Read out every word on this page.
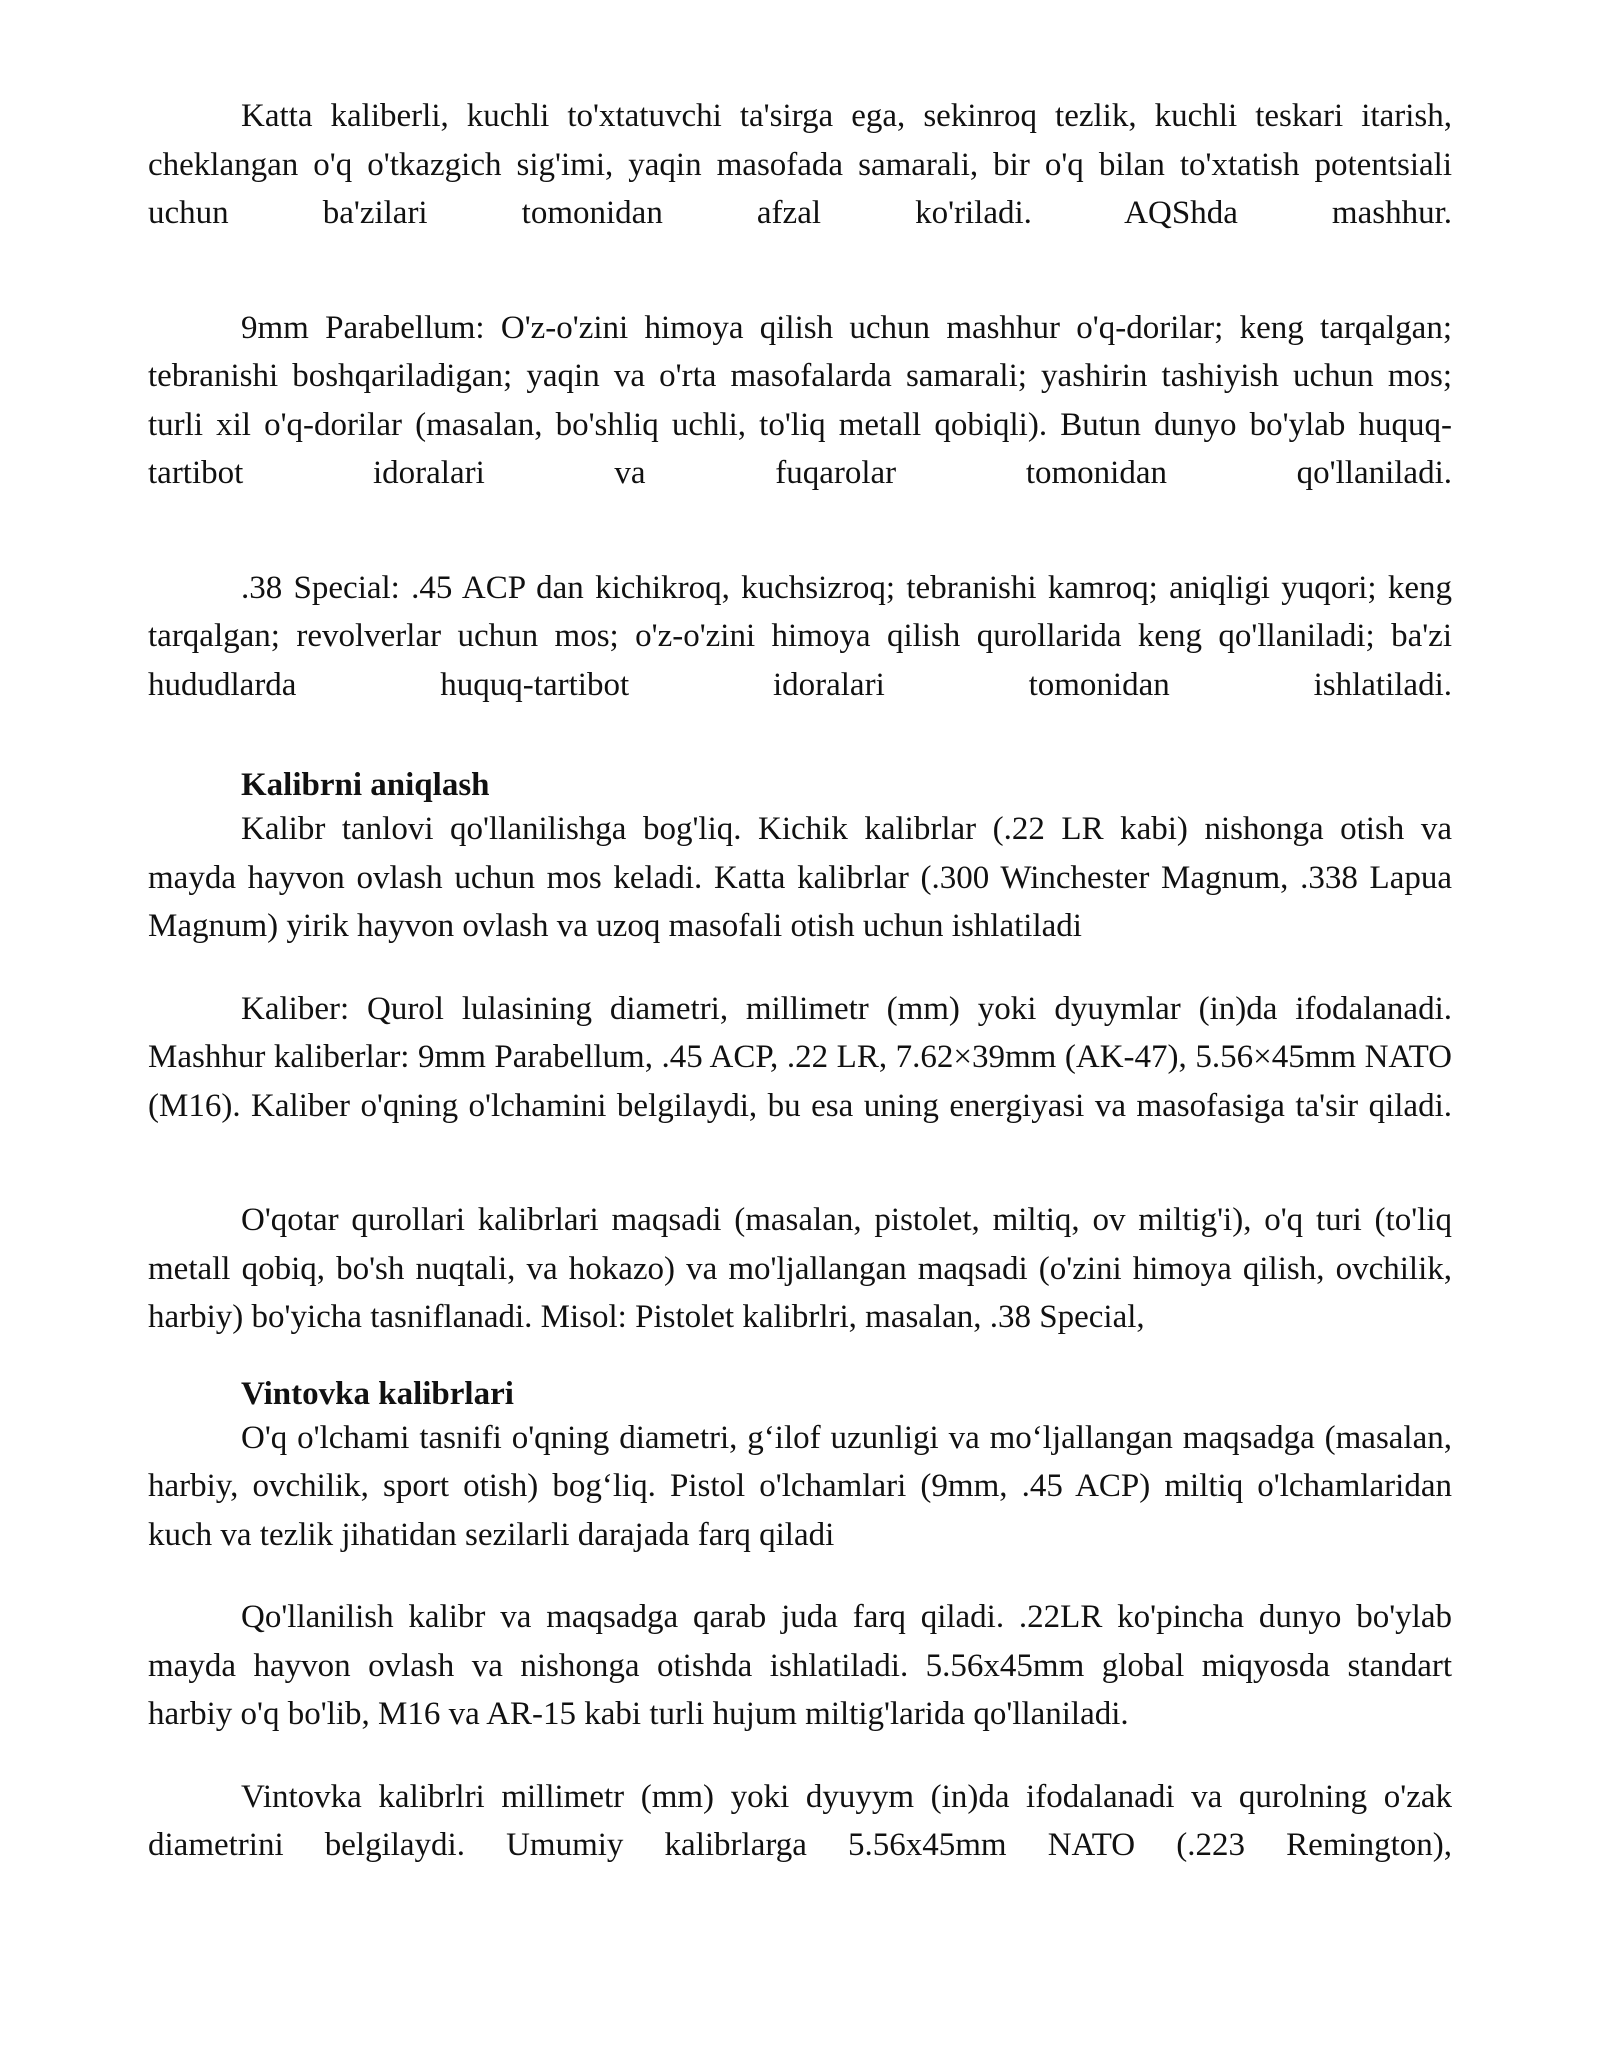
Katta kaliberli, kuchli to'xtatuvchi ta'sirga ega, sekinroq tezlik, kuchli teskari itarish, cheklangan o'q o'tkazgich sig'imi, yaqin masofada samarali, bir o'q bilan to'xtatish potentsiali uchun ba'zilari tomonidan afzal ko'riladi. AQShda mashhur.

9mm Parabellum: O'z-o'zini himoya qilish uchun mashhur o'q-dorilar; keng tarqalgan; tebranishi boshqariladigan; yaqin va o'rta masofalarda samarali; yashirin tashiyish uchun mos; turli xil o'q-dorilar (masalan, bo'shliq uchli, to'liq metall qobiqli). Butun dunyo bo'ylab huquq-tartibot idoralari va fuqarolar tomonidan qo'llaniladi.

.38 Special: .45 ACP dan kichikroq, kuchsizroq; tebranishi kamroq; aniqligi yuqori; keng tarqalgan; revolverlar uchun mos; o'z-o'zini himoya qilish qurollarida keng qo'llaniladi; ba'zi hududlarda huquq-tartibot idoralari tomonidan ishlatiladi.

Kalibrni aniqlash

Kalibr tanlovi qo'llanilishga bog'liq. Kichik kalibrlar (.22 LR kabi) nishonga otish va mayda hayvon ovlash uchun mos keladi. Katta kalibrlar (.300 Winchester Magnum, .338 Lapua Magnum) yirik hayvon ovlash va uzoq masofali otish uchun ishlatiladi

Kaliber: Qurol lulasining diametri, millimetr (mm) yoki dyuymlar (in)da ifodalanadi. Mashhur kaliberlar: 9mm Parabellum, .45 ACP, .22 LR, 7.62×39mm (AK-47), 5.56×45mm NATO (M16). Kaliber o'qning o'lchamini belgilaydi, bu esa uning energiyasi va masofasiga ta'sir qiladi.

O'qotar qurollari kalibrlari maqsadi (masalan, pistolet, miltiq, ov miltig'i), o'q turi (to'liq metall qobiq, bo'sh nuqtali, va hokazo) va mo'ljallangan maqsadi (o'zini himoya qilish, ovchilik, harbiy) bo'yicha tasniflanadi. Misol: Pistolet kalibrlri, masalan, .38 Special,

Vintovka kalibrlari

O'q o'lchami tasnifi o'qning diametri, g‘ilof uzunligi va mo‘ljallangan maqsadga (masalan, harbiy, ovchilik, sport otish) bog‘liq. Pistol o'lchamlari (9mm, .45 ACP) miltiq o'lchamlaridan kuch va tezlik jihatidan sezilarli darajada farq qiladi

Qo'llanilish kalibr va maqsadga qarab juda farq qiladi. .22LR ko'pincha dunyo bo'ylab mayda hayvon ovlash va nishonga otishda ishlatiladi. 5.56x45mm global miqyosda standart harbiy o'q bo'lib, M16 va AR-15 kabi turli hujum miltig'larida qo'llaniladi.

Vintovka kalibrlri millimetr (mm) yoki dyuyym (in)da ifodalanadi va qurolning o'zak diametrini belgilaydi. Umumiy kalibrlarga 5.56x45mm NATO (.223 Remington),
